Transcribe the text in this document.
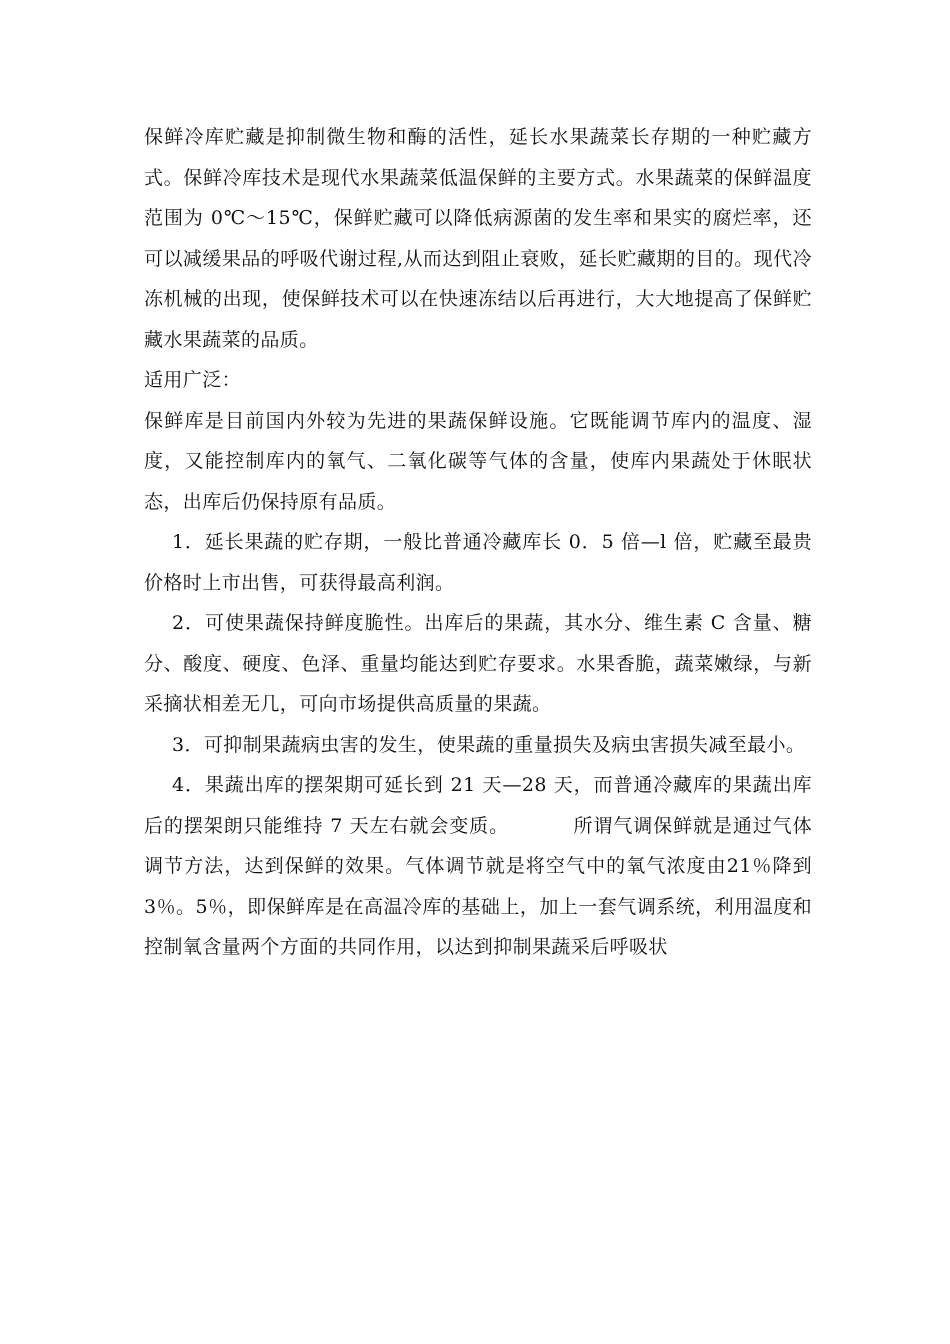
保鲜冷库贮藏是抑制微生物和酶的活性，延长水果蔬菜长存期的一种贮藏方式。保鲜冷库技术是现代水果蔬菜低温保鲜的主要方式。水果蔬菜的保鲜温度范围为 0℃～15℃，保鲜贮藏可以降低病源菌的发生率和果实的腐烂率，还可以减缓果品的呼吸代谢过程,从而达到阻止衰败，延长贮藏期的目的。现代冷冻机械的出现，使保鲜技术可以在快速冻结以后再进行，大大地提高了保鲜贮藏水果蔬菜的品质。

适用广泛：

保鲜库是目前国内外较为先进的果蔬保鲜设施。它既能调节库内的温度、湿度，又能控制库内的氧气、二氧化碳等气体的含量，使库内果蔬处于休眠状态，出库后仍保持原有品质。

1．延长果蔬的贮存期，一般比普通冷藏库长 0．5 倍—l 倍，贮藏至最贵价格时上市出售，可获得最高利润。

2．可使果蔬保持鲜度脆性。出库后的果蔬，其水分、维生素 C 含量、糖分、酸度、硬度、色泽、重量均能达到贮存要求。水果香脆，蔬菜嫩绿，与新采摘状相差无几，可向市场提供高质量的果蔬。

3．可抑制果蔬病虫害的发生，使果蔬的重量损失及病虫害损失减至最小。

4．果蔬出库的摆架期可延长到 21 天—28 天，而普通冷藏库的果蔬出库后的摆架朗只能维持 7 天左右就会变质。	所谓气调保鲜就是通过气体调节方法，达到保鲜的效果。气体调节就是将空气中的氧气浓度由21％降到3％。5％，即保鲜库是在高温冷库的基础上，加上一套气调系统，利用温度和控制氧含量两个方面的共同作用，以达到抑制果蔬采后呼吸状
